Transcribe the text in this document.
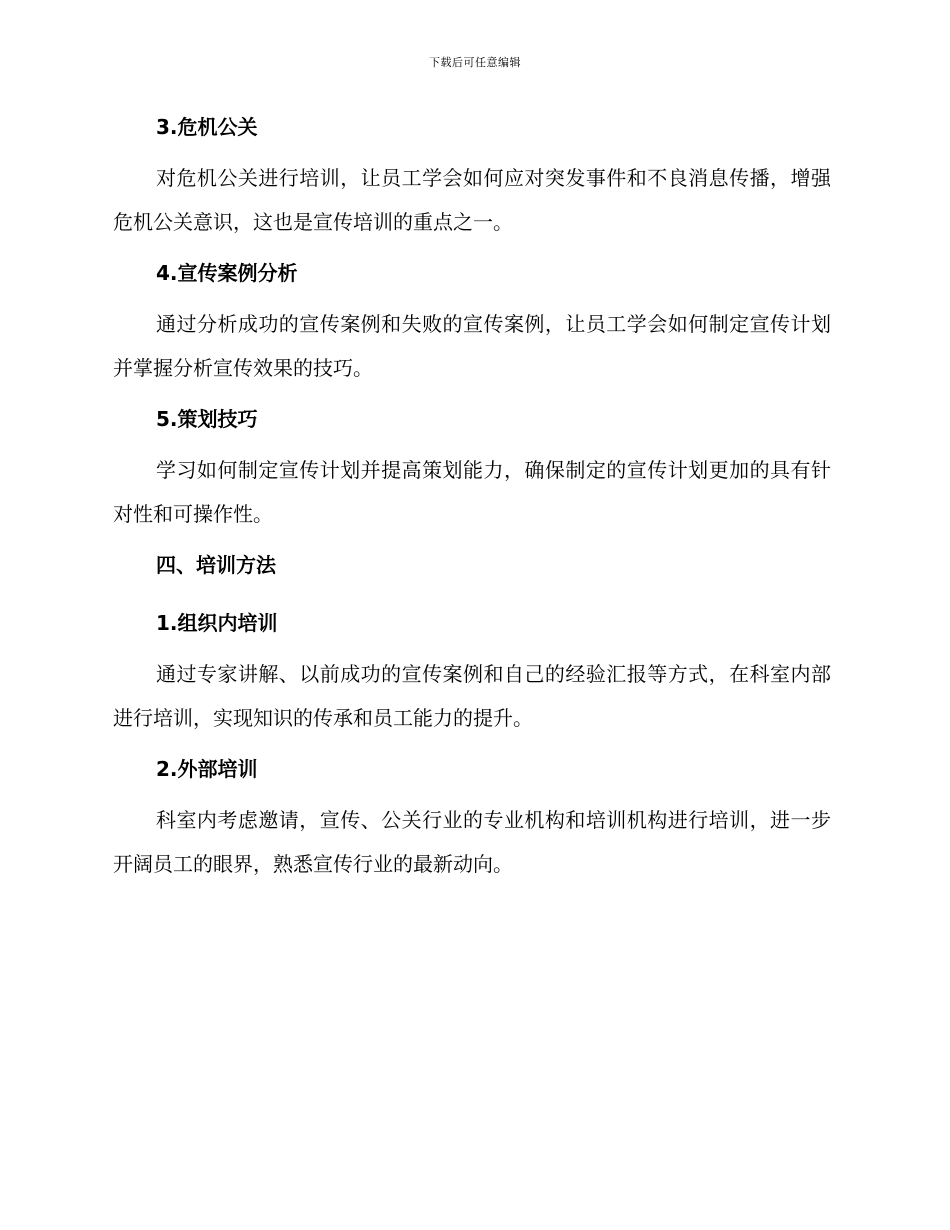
下载后可任意编辑

3.危机公关

对危机公关进行培训，让员工学会如何应对突发事件和不良消息传播，增强危机公关意识，这也是宣传培训的重点之一。

4.宣传案例分析

通过分析成功的宣传案例和失败的宣传案例，让员工学会如何制定宣传计划并掌握分析宣传效果的技巧。

5.策划技巧

学习如何制定宣传计划并提高策划能力，确保制定的宣传计划更加的具有针对性和可操作性。

四、培训方法

1.组织内培训

通过专家讲解、以前成功的宣传案例和自己的经验汇报等方式，在科室内部进行培训，实现知识的传承和员工能力的提升。

2.外部培训

科室内考虑邀请，宣传、公关行业的专业机构和培训机构进行培训，进一步开阔员工的眼界，熟悉宣传行业的最新动向。
